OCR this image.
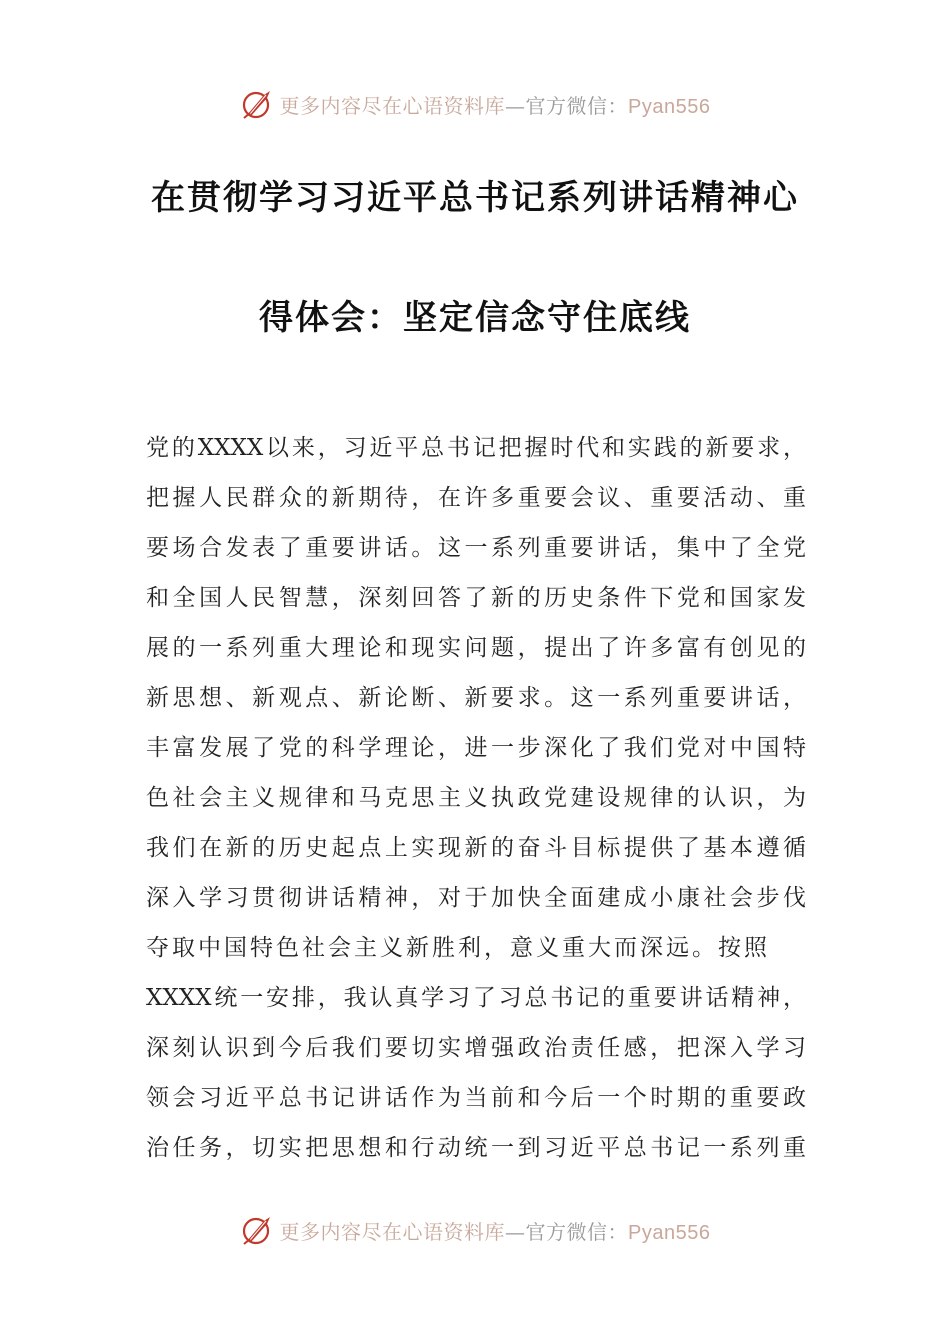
更多内容尽在心语资料库—官方微信：Pyan556
在贯彻学习习近平总书记系列讲话精神心
得体会：坚定信念守住底线
党的XXXX以来，习近平总书记把握时代和实践的新要求，
把握人民群众的新期待，在许多重要会议、重要活动、重
要场合发表了重要讲话。这一系列重要讲话，集中了全党
和全国人民智慧，深刻回答了新的历史条件下党和国家发
展的一系列重大理论和现实问题，提出了许多富有创见的
新思想、新观点、新论断、新要求。这一系列重要讲话，
丰富发展了党的科学理论，进一步深化了我们党对中国特
色社会主义规律和马克思主义执政党建设规律的认识，为
我们在新的历史起点上实现新的奋斗目标提供了基本遵循
深入学习贯彻讲话精神，对于加快全面建成小康社会步伐
夺取中国特色社会主义新胜利，意义重大而深远。按照
XXXX统一安排，我认真学习了习总书记的重要讲话精神，
深刻认识到今后我们要切实增强政治责任感，把深入学习
领会习近平总书记讲话作为当前和今后一个时期的重要政
治任务，切实把思想和行动统一到习近平总书记一系列重
更多内容尽在心语资料库—官方微信：Pyan556
